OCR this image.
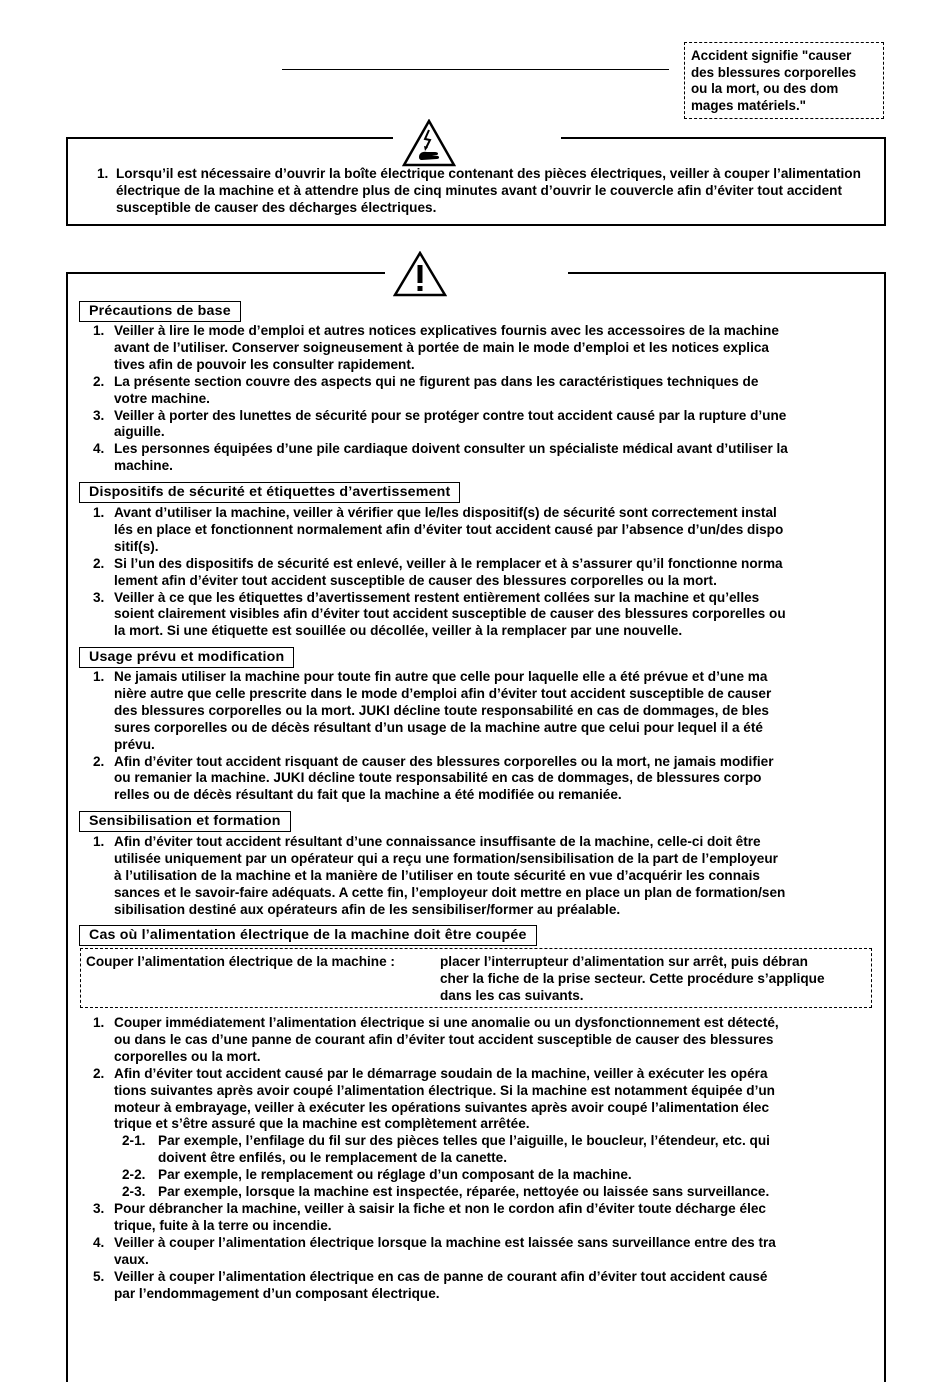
Accident signifie "causer
des blessures corporelles
ou la mort, ou des dom
mages matériels."
1. Lorsqu’il est nécessaire d’ouvrir la boîte électrique contenant des pièces électriques, veiller à couper l’alimentation électrique de la machine et à attendre plus de cinq minutes avant d’ouvrir le couvercle afin d’éviter tout accident susceptible de causer des décharges électriques.
Précautions de base
1. Veiller à lire le mode d’emploi et autres notices explicatives fournis avec les accessoires de la machine
avant de l’utiliser. Conserver soigneusement à portée de main le mode d’emploi et les notices explica
tives afin de pouvoir les consulter rapidement.
2. La présente section couvre des aspects qui ne figurent pas dans les caractéristiques techniques de
votre machine.
3. Veiller à porter des lunettes de sécurité pour se protéger contre tout accident causé par la rupture d’une
aiguille.
4. Les personnes équipées d’une pile cardiaque doivent consulter un spécialiste médical avant d’utiliser la
machine.
Dispositifs de sécurité et étiquettes d’avertissement
1. Avant d’utiliser la machine, veiller à vérifier que le/les dispositif(s) de sécurité sont correctement instal
lés en place et fonctionnent normalement afin d’éviter tout accident causé par l’absence d’un/des dispo
sitif(s).
2. Si l’un des dispositifs de sécurité est enlevé, veiller à le remplacer et à s’assurer qu’il fonctionne norma
lement afin d’éviter tout accident susceptible de causer des blessures corporelles ou la mort.
3. Veiller à ce que les étiquettes d’avertissement restent entièrement collées sur la machine et qu’elles
soient clairement visibles afin d’éviter tout accident susceptible de causer des blessures corporelles ou
la mort. Si une étiquette est souillée ou décollée, veiller à la remplacer par une nouvelle.
Usage prévu et modification
1. Ne jamais utiliser la machine pour toute fin autre que celle pour laquelle elle a été prévue et d’une ma
nière autre que celle prescrite dans le mode d’emploi afin d’éviter tout accident susceptible de causer
des blessures corporelles ou la mort. JUKI décline toute responsabilité en cas de dommages, de bles
sures corporelles ou de décès résultant d’un usage de la machine autre que celui pour lequel il a été
prévu.
2. Afin d’éviter tout accident risquant de causer des blessures corporelles ou la mort, ne jamais modifier
ou remanier la machine. JUKI décline toute responsabilité en cas de dommages, de blessures corpo
relles ou de décès résultant du fait que la machine a été modifiée ou remaniée.
Sensibilisation et formation
1. Afin d’éviter tout accident résultant d’une connaissance insuffisante de la machine, celle-ci doit être
utilisée uniquement par un opérateur qui a reçu une formation/sensibilisation de la part de l’employeur
à l’utilisation de la machine et la manière de l’utiliser en toute sécurité en vue d’acquérir les connais
sances et le savoir-faire adéquats. A cette fin, l’employeur doit mettre en place un plan de formation/sen
sibilisation destiné aux opérateurs afin de les sensibiliser/former au préalable.
Cas où l’alimentation électrique de la machine doit être coupée
Couper l’alimentation électrique de la machine :	placer l’interrupteur d’alimentation sur arrêt, puis débran
cher la fiche de la prise secteur. Cette procédure s’applique
dans les cas suivants.
1. Couper immédiatement l’alimentation électrique si une anomalie ou un dysfonctionnement est détecté,
ou dans le cas d’une panne de courant afin d’éviter tout accident susceptible de causer des blessures
corporelles ou la mort.
2. Afin d’éviter tout accident causé par le démarrage soudain de la machine, veiller à exécuter les opéra
tions suivantes après avoir coupé l’alimentation électrique. Si la machine est notamment équipée d’un
moteur à embrayage, veiller à exécuter les opérations suivantes après avoir coupé l’alimentation élec
trique et s’être assuré que la machine est complètement arrêtée.
2-1. Par exemple, l’enfilage du fil sur des pièces telles que l’aiguille, le boucleur, l’étendeur, etc. qui
doivent être enfilés, ou le remplacement de la canette.
2-2. Par exemple, le remplacement ou réglage d’un composant de la machine.
2-3. Par exemple, lorsque la machine est inspectée, réparée, nettoyée ou laissée sans surveillance.
3. Pour débrancher la machine, veiller à saisir la fiche et non le cordon afin d’éviter toute décharge élec
trique, fuite à la terre ou incendie.
4. Veiller à couper l’alimentation électrique lorsque la machine est laissée sans surveillance entre des tra
vaux.
5. Veiller à couper l’alimentation électrique en cas de panne de courant afin d’éviter tout accident causé
par l’endommagement d’un composant électrique.
